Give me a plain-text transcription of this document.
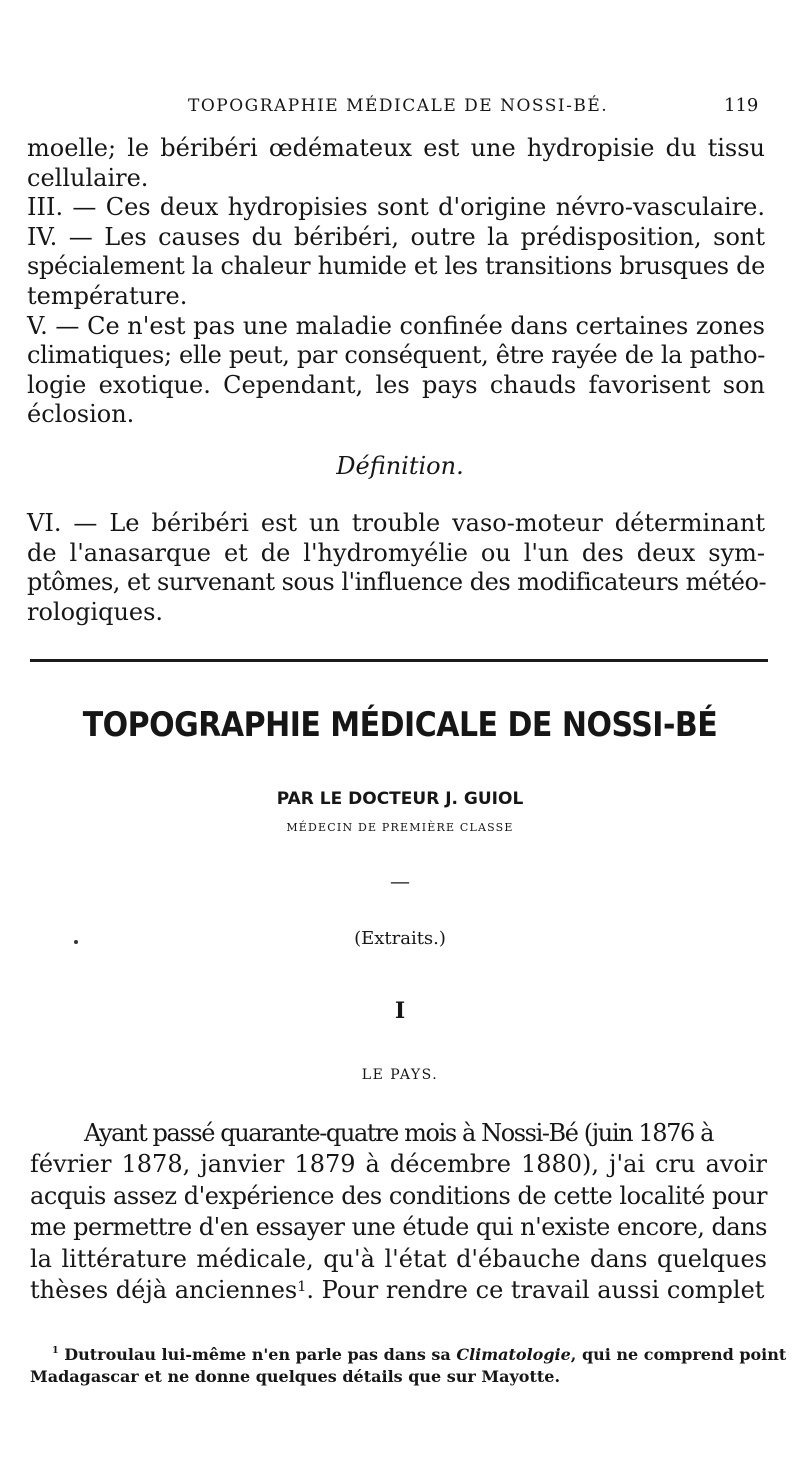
TOPOGRAPHIE MÉDICALE DE NOSSI-BÉ.	119
moelle; le béribéri œdémateux est une hydropisie du tissu
cellulaire.
III. — Ces deux hydropisies sont d'origine névro-vasculaire.
IV. — Les causes du béribéri, outre la prédisposition, sont
spécialement la chaleur humide et les transitions brusques de
température.
V. — Ce n'est pas une maladie confinée dans certaines zones
climatiques; elle peut, par conséquent, être rayée de la patho-
logie exotique. Cependant, les pays chauds favorisent son
éclosion.
Définition.
VI. — Le béribéri est un trouble vaso-moteur déterminant
de l'anasarque et de l'hydromyélie ou l'un des deux sym-
ptômes, et survenant sous l'influence des modificateurs météo-
rologiques.
TOPOGRAPHIE MÉDICALE DE NOSSI-BÉ
PAR LE DOCTEUR J. GUIOL
MÉDECIN DE PREMIÈRE CLASSE
—
(Extraits.)
I
LE PAYS.
Ayant passé quarante-quatre mois à Nossi-Bé (juin 1876 à
février 1878, janvier 1879 à décembre 1880), j'ai cru avoir
acquis assez d'expérience des conditions de cette localité pour
me permettre d'en essayer une étude qui n'existe encore, dans
la littérature médicale, qu'à l'état d'ébauche dans quelques
thèses déjà anciennes$^1$. Pour rendre ce travail aussi complet
$^1$ Dutroulau lui-même n'en parle pas dans sa Climatologie, qui ne comprend point
Madagascar et ne donne quelques détails que sur Mayotte.
